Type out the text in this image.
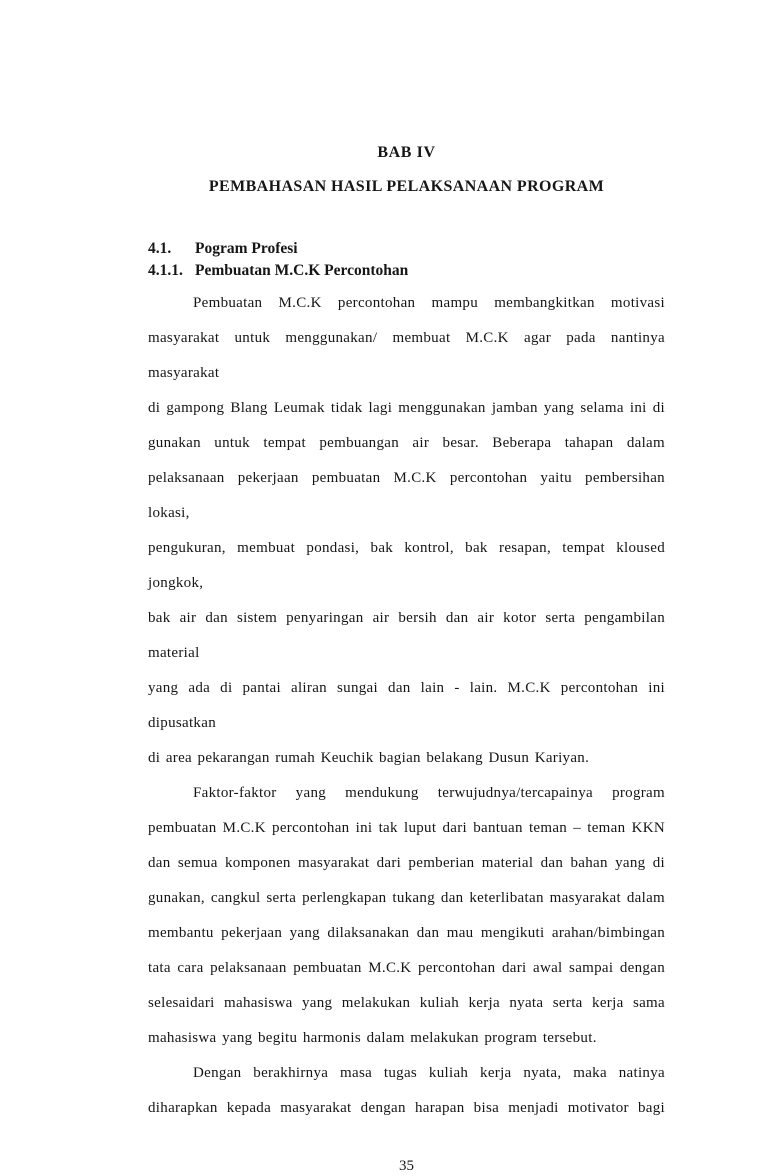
BAB IV
PEMBAHASAN HASIL PELAKSANAAN PROGRAM
4.1.	Pogram Profesi
4.1.1. Pembuatan M.C.K Percontohan
Pembuatan M.C.K percontohan mampu membangkitkan motivasi
masyarakat untuk menggunakan/ membuat M.C.K agar pada nantinya masyarakat
di gampong Blang Leumak tidak lagi menggunakan jamban yang selama ini di
gunakan untuk tempat pembuangan air besar. Beberapa tahapan dalam
pelaksanaan pekerjaan pembuatan M.C.K percontohan yaitu pembersihan lokasi,
pengukuran, membuat pondasi, bak kontrol, bak resapan, tempat kloused jongkok,
bak air dan sistem penyaringan air bersih dan air kotor serta pengambilan material
yang ada di pantai aliran sungai dan lain - lain. M.C.K percontohan ini dipusatkan
di area pekarangan rumah Keuchik bagian belakang Dusun Kariyan.
Faktor-faktor yang mendukung terwujudnya/tercapainya program
pembuatan M.C.K percontohan ini tak luput dari bantuan teman – teman KKN
dan semua komponen masyarakat dari pemberian material dan bahan yang di
gunakan, cangkul serta perlengkapan tukang dan keterlibatan masyarakat dalam
membantu pekerjaan yang dilaksanakan dan mau mengikuti arahan/bimbingan
tata cara pelaksanaan pembuatan M.C.K percontohan dari awal sampai dengan
selesaidari mahasiswa yang melakukan kuliah kerja nyata serta kerja sama
mahasiswa yang begitu harmonis dalam melakukan program tersebut.
Dengan berakhirnya masa tugas kuliah kerja nyata, maka natinya
diharapkan kepada masyarakat dengan harapan bisa menjadi motivator bagi
35
